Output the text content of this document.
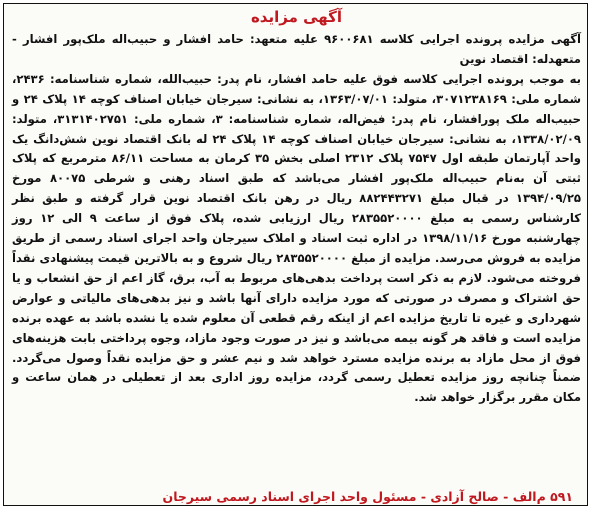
آگهی مزایده

آگهی مزایده پرونده اجرایی کلاسه ۹۶۰۰۶۸۱ علیه متعهد: حامد افشار و حبیب‌اله ملک‌پور افشار - متعهدله: اقتصاد نوین

به موجب پرونده اجرایی کلاسه فوق علیه حامد افشار، نام پدر: حبیب‌الله، شماره شناسنامه: ۲۴۳۶، شماره ملی: ۳۰۷۱۲۳۸۱۶۹، متولد: ۱۳۶۳/۰۷/۰۱، به نشانی: سیرجان خیابان اصناف کوچه ۱۴ پلاک ۲۴ و حبیب‌اله ملک پورافشار، نام پدر: فیض‌اله، شماره شناسنامه: ۳، شماره ملی: ۳۱۳۱۴۰۲۷۵۱، متولد: ۱۳۳۸/۰۲/۰۹، به نشانی: سیرجان خیابان اصناف کوچه ۱۴ پلاک ۲۴ له بانک اقتصاد نوین شش‌دانگ یک واحد آپارتمان طبقه اول ۷۵۴۷ پلاک ۲۳۱۲ اصلی بخش ۳۵ کرمان به مساحت ۸۶/۱۱ مترمربع که پلاک ثبتی آن به‌نام حبیب‌اله ملک‌پور افشار می‌باشد که طبق اسناد رهنی و شرطی ۸۰۰۷۵ مورخ ۱۳۹۴/۰۹/۲۵ در قبال مبلغ ۸۸۲۴۴۳۲۷۱ ریال در رهن بانک اقتصاد نوین قرار گرفته و طبق نظر کارشناس رسمی به مبلغ ۲۸۳۵۵۲۰۰۰۰ ریال ارزیابی شده، پلاک فوق از ساعت ۹ الی ۱۲ روز چهارشنبه مورخ ۱۳۹۸/۱۱/۱۶ در اداره ثبت اسناد و املاک سیرجان واحد اجرای اسناد رسمی از طریق مزایده به فروش می‌رسد. مزایده از مبلغ ۲۸۳۵۵۲۰۰۰۰ ریال شروع و به بالاترین قیمت پیشنهادی نقداً فروخته می‌شود. لازم به ذکر است پرداخت بدهی‌های مربوط به آب، برق، گاز اعم از حق انشعاب و یا حق اشتراک و مصرف در صورتی که مورد مزایده دارای آنها باشد و نیز بدهی‌های مالیاتی و عوارض شهرداری و غیره تا تاریخ مزایده اعم از اینکه رقم قطعی آن معلوم شده یا نشده باشد به عهده برنده مزایده است و فاقد هر گونه بیمه می‌باشد و نیز در صورت وجود مازاد، وجوه پرداختی بابت هزینه‌های فوق از محل مازاد به برنده مزایده مسترد خواهد شد و نیم عشر و حق مزایده نقداً وصول می‌گردد. ضمناً چنانچه روز مزایده تعطیل رسمی گردد، مزایده روز اداری بعد از تعطیلی در همان ساعت و مکان مقرر برگزار خواهد شد.

۵۹۱ م‌الف - صالح آزادی - مسئول واحد اجرای اسناد رسمی سیرجان
